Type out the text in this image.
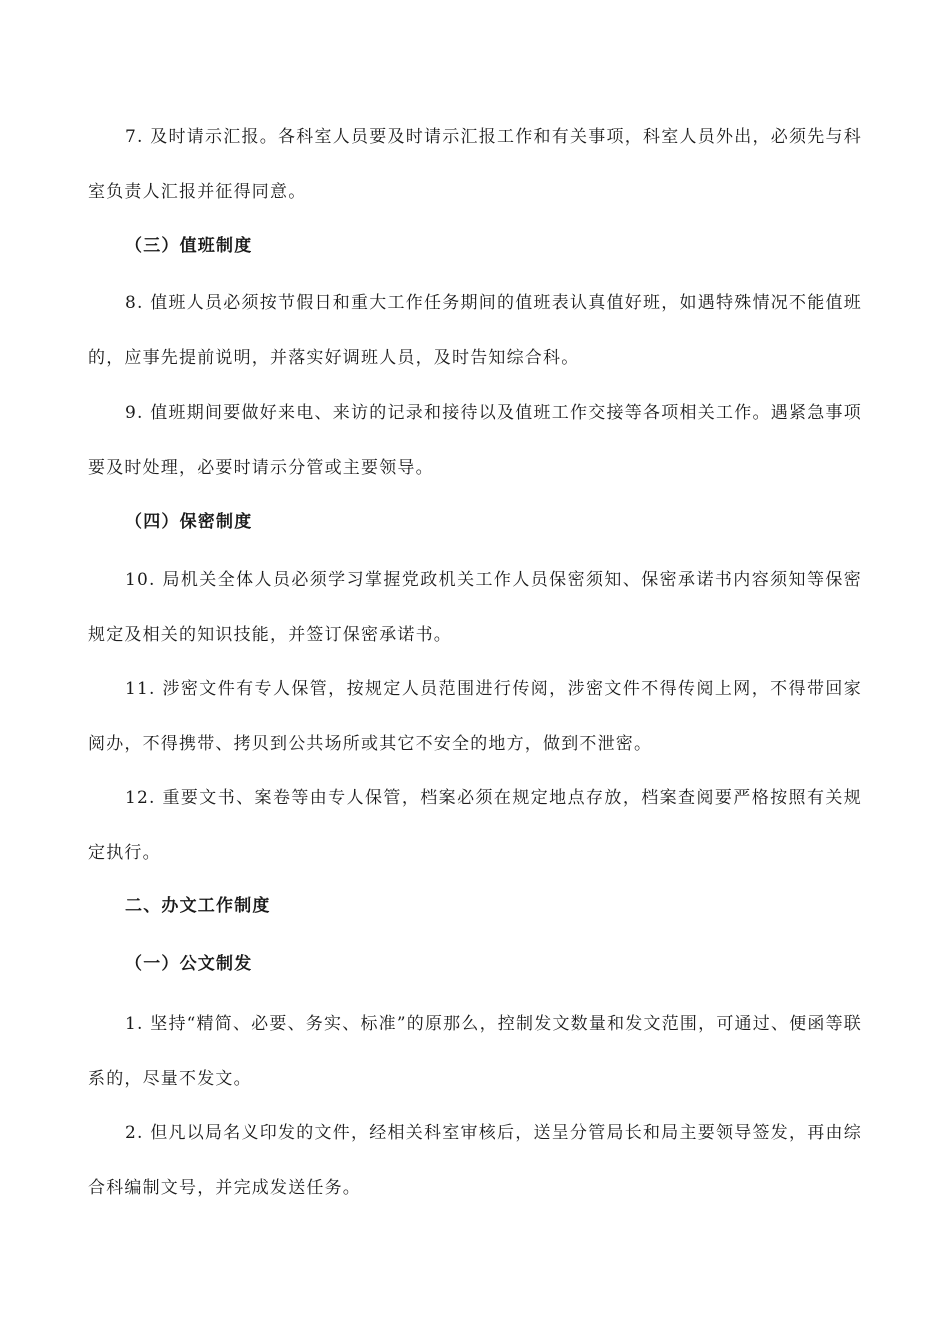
7. 及时请示汇报。各科室人员要及时请示汇报工作和有关事项，科室人员外出，必须先与科室负责人汇报并征得同意。

（三）值班制度

8. 值班人员必须按节假日和重大工作任务期间的值班表认真值好班，如遇特殊情况不能值班的，应事先提前说明，并落实好调班人员，及时告知综合科。

9. 值班期间要做好来电、来访的记录和接待以及值班工作交接等各项相关工作。遇紧急事项要及时处理，必要时请示分管或主要领导。

（四）保密制度

10. 局机关全体人员必须学习掌握党政机关工作人员保密须知、保密承诺书内容须知等保密规定及相关的知识技能，并签订保密承诺书。

11. 涉密文件有专人保管，按规定人员范围进行传阅，涉密文件不得传阅上网，不得带回家阅办，不得携带、拷贝到公共场所或其它不安全的地方，做到不泄密。

12. 重要文书、案卷等由专人保管，档案必须在规定地点存放，档案查阅要严格按照有关规定执行。

二、办文工作制度

（一）公文制发

1. 坚持“精简、必要、务实、标准”的原那么，控制发文数量和发文范围，可通过、便函等联系的，尽量不发文。

2. 但凡以局名义印发的文件，经相关科室审核后，送呈分管局长和局主要领导签发，再由综合科编制文号，并完成发送任务。
